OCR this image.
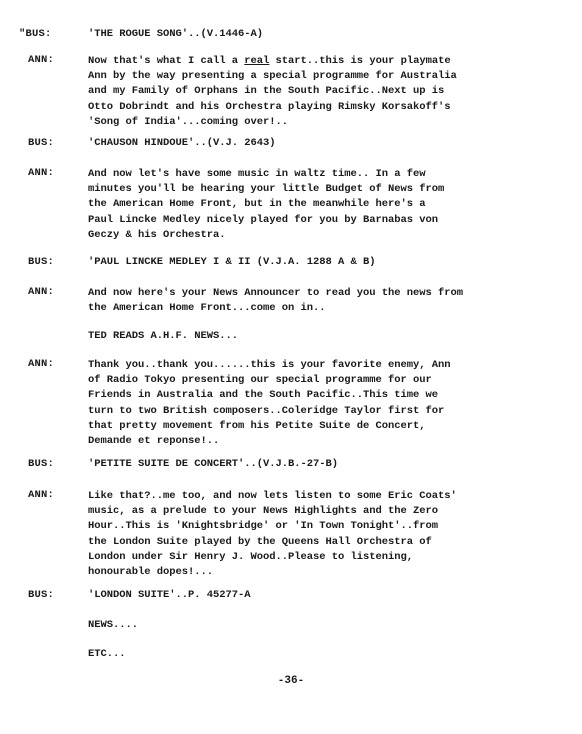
"BUS:	'THE ROGUE SONG'..(V.1446-A)
ANN:	Now that's what I call a real start..this is your playmate
Ann by the way presenting a special programme for Australia
and my Family of Orphans in the South Pacific..Next up is
Otto Dobrindt and his Orchestra playing Rimsky Korsakoff's
'Song of India'...coming over!..
BUS:	'CHAUSON HINDOUE'..(V.J. 2643)
ANN:	And now let's have some music in waltz time.. In a few
minutes you'll be hearing your little Budget of News from
the American Home Front, but in the meanwhile here's a
Paul Lincke Medley nicely played for you by Barnabas von
Geczy & his Orchestra.
BUS:	'PAUL LINCKE MEDLEY I & II (V.J.A. 1288 A & B)
ANN:	And now here's your News Announcer to read you the news from
the American Home Front...come on in..
TED READS A.H.F. NEWS...
ANN:	Thank you..thank you......this is your favorite enemy, Ann
of Radio Tokyo presenting our special programme for our
Friends in Australia and the South Pacific..This time we
turn to two British composers..Coleridge Taylor first for
that pretty movement from his Petite Suite de Concert,
Demande et reponse!..
BUS:	'PETITE SUITE DE CONCERT'..(V.J.B.-27-B)
ANN:	Like that?..me too, and now lets listen to some Eric Coats'
music, as a prelude to your News Highlights and the Zero
Hour..This is 'Knightsbridge' or 'In Town Tonight'..from
the London Suite played by the Queens Hall Orchestra of
London under Sir Henry J. Wood..Please to listening,
honourable dopes!...
BUS:	'LONDON SUITE'..P. 45277-A
NEWS....
ETC...
-36-
